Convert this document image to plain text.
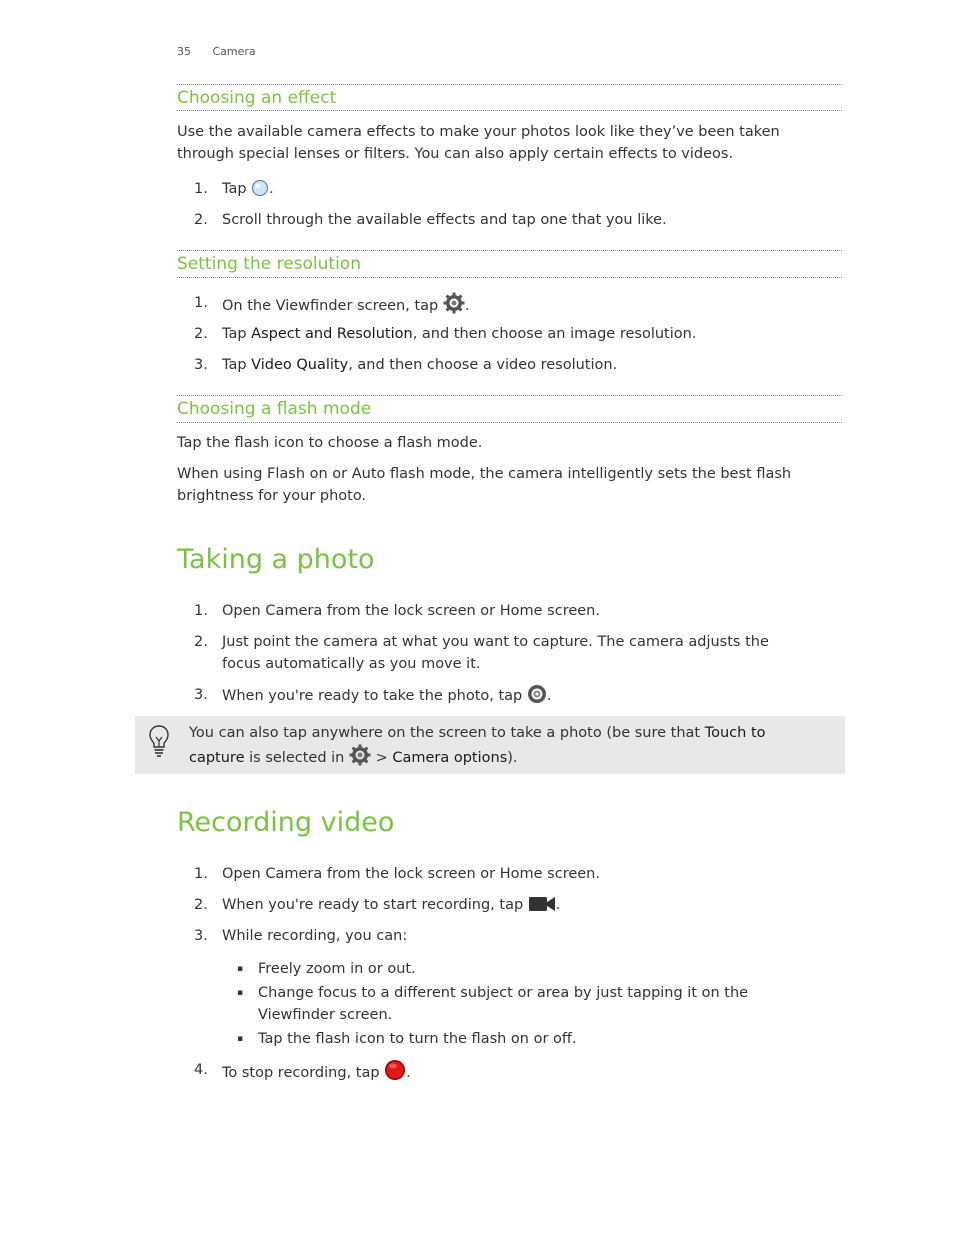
35 Camera
Choosing an effect
Use the available camera effects to make your photos look like they’ve been taken
through special lenses or filters. You can also apply certain effects to videos.
1. Tap .
2. Scroll through the available effects and tap one that you like.
Setting the resolution
1. On the Viewfinder screen, tap .
2. Tap Aspect and Resolution, and then choose an image resolution.
3. Tap Video Quality, and then choose a video resolution.
Choosing a flash mode
Tap the flash icon to choose a flash mode.
When using Flash on or Auto flash mode, the camera intelligently sets the best flash
brightness for your photo.
Taking a photo
1. Open Camera from the lock screen or Home screen.
2. Just point the camera at what you want to capture. The camera adjusts the
focus automatically as you move it.
3. When you're ready to take the photo, tap .
You can also tap anywhere on the screen to take a photo (be sure that Touch to
capture is selected in > Camera options).
Recording video
1. Open Camera from the lock screen or Home screen.
2. When you're ready to start recording, tap .
3. While recording, you can:
▪ Freely zoom in or out.
▪ Change focus to a different subject or area by just tapping it on the
Viewfinder screen.
▪ Tap the flash icon to turn the flash on or off.
4. To stop recording, tap .
